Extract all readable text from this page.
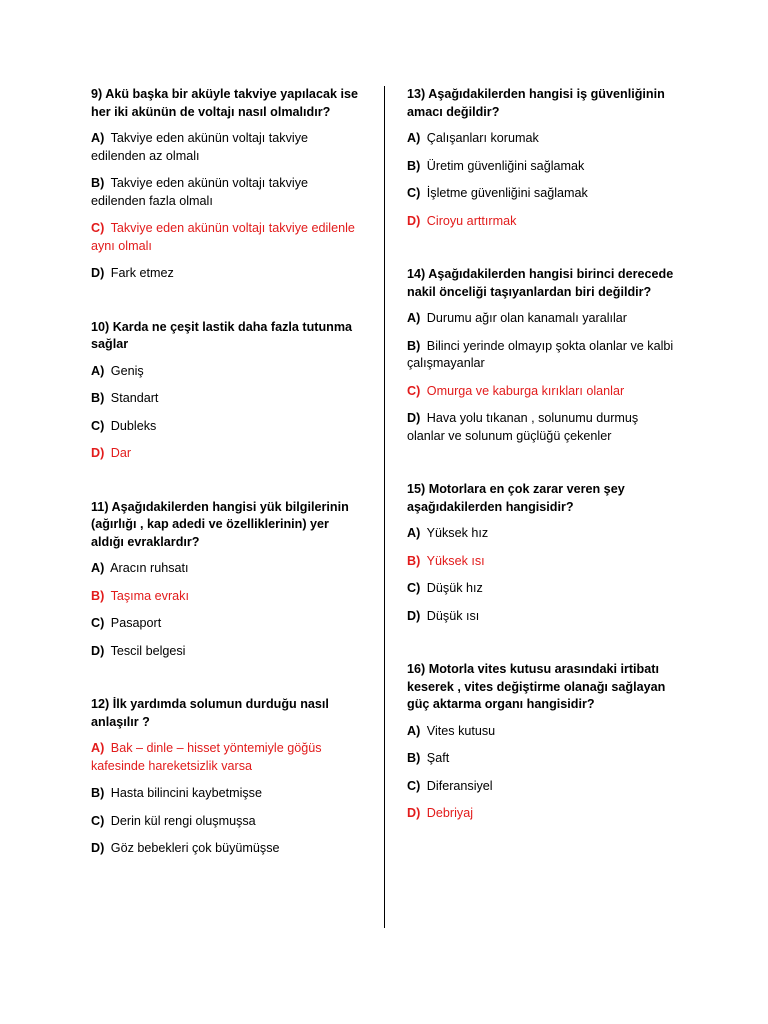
9) Akü başka bir aküyle takviye yapılacak ise her iki akünün de voltajı nasıl olmalıdır?

A) Takviye eden akünün voltajı takviye edilenden az olmalı

B) Takviye eden akünün voltajı takviye edilenden fazla olmalı

C) Takviye eden akünün voltajı takviye edilenle aynı olmalı

D) Fark etmez

10) Karda ne çeşit lastik daha fazla tutunma sağlar

A) Geniş

B) Standart

C) Dubleks

D) Dar

11) Aşağıdakilerden hangisi yük bilgilerinin (ağırlığı , kap adedi ve özelliklerinin) yer aldığı evraklardır?

A) Aracın ruhsatı

B) Taşıma evrakı

C) Pasaport

D) Tescil belgesi

12) İlk yardımda solumun durduğu nasıl anlaşılır ?

A) Bak – dinle – hisset yöntemiyle göğüs kafesinde hareketsizlik varsa

B) Hasta bilincini kaybetmişse

C) Derin kül rengi oluşmuşsa

D) Göz bebekleri çok büyümüşse

13) Aşağıdakilerden hangisi iş güvenliğinin amacı değildir?

A) Çalışanları korumak

B) Üretim güvenliğini sağlamak

C) İşletme güvenliğini sağlamak

D) Ciroyu arttırmak

14) Aşağıdakilerden hangisi birinci derecede nakil önceliği taşıyanlardan biri değildir?

A) Durumu ağır olan kanamalı yaralılar

B) Bilinci yerinde olmayıp şokta olanlar ve kalbi çalışmayanlar

C) Omurga ve kaburga kırıkları olanlar

D) Hava yolu tıkanan , solunumu durmuş olanlar ve solunum güçlüğü çekenler

15) Motorlara en çok zarar veren şey aşağıdakilerden hangisidir?

A) Yüksek hız

B) Yüksek ısı

C) Düşük hız

D) Düşük ısı

16) Motorla vites kutusu arasındaki irtibatı keserek , vites değiştirme olanağı sağlayan güç aktarma organı hangisidir?

A) Vites kutusu

B) Şaft

C) Diferansiyel

D) Debriyaj
